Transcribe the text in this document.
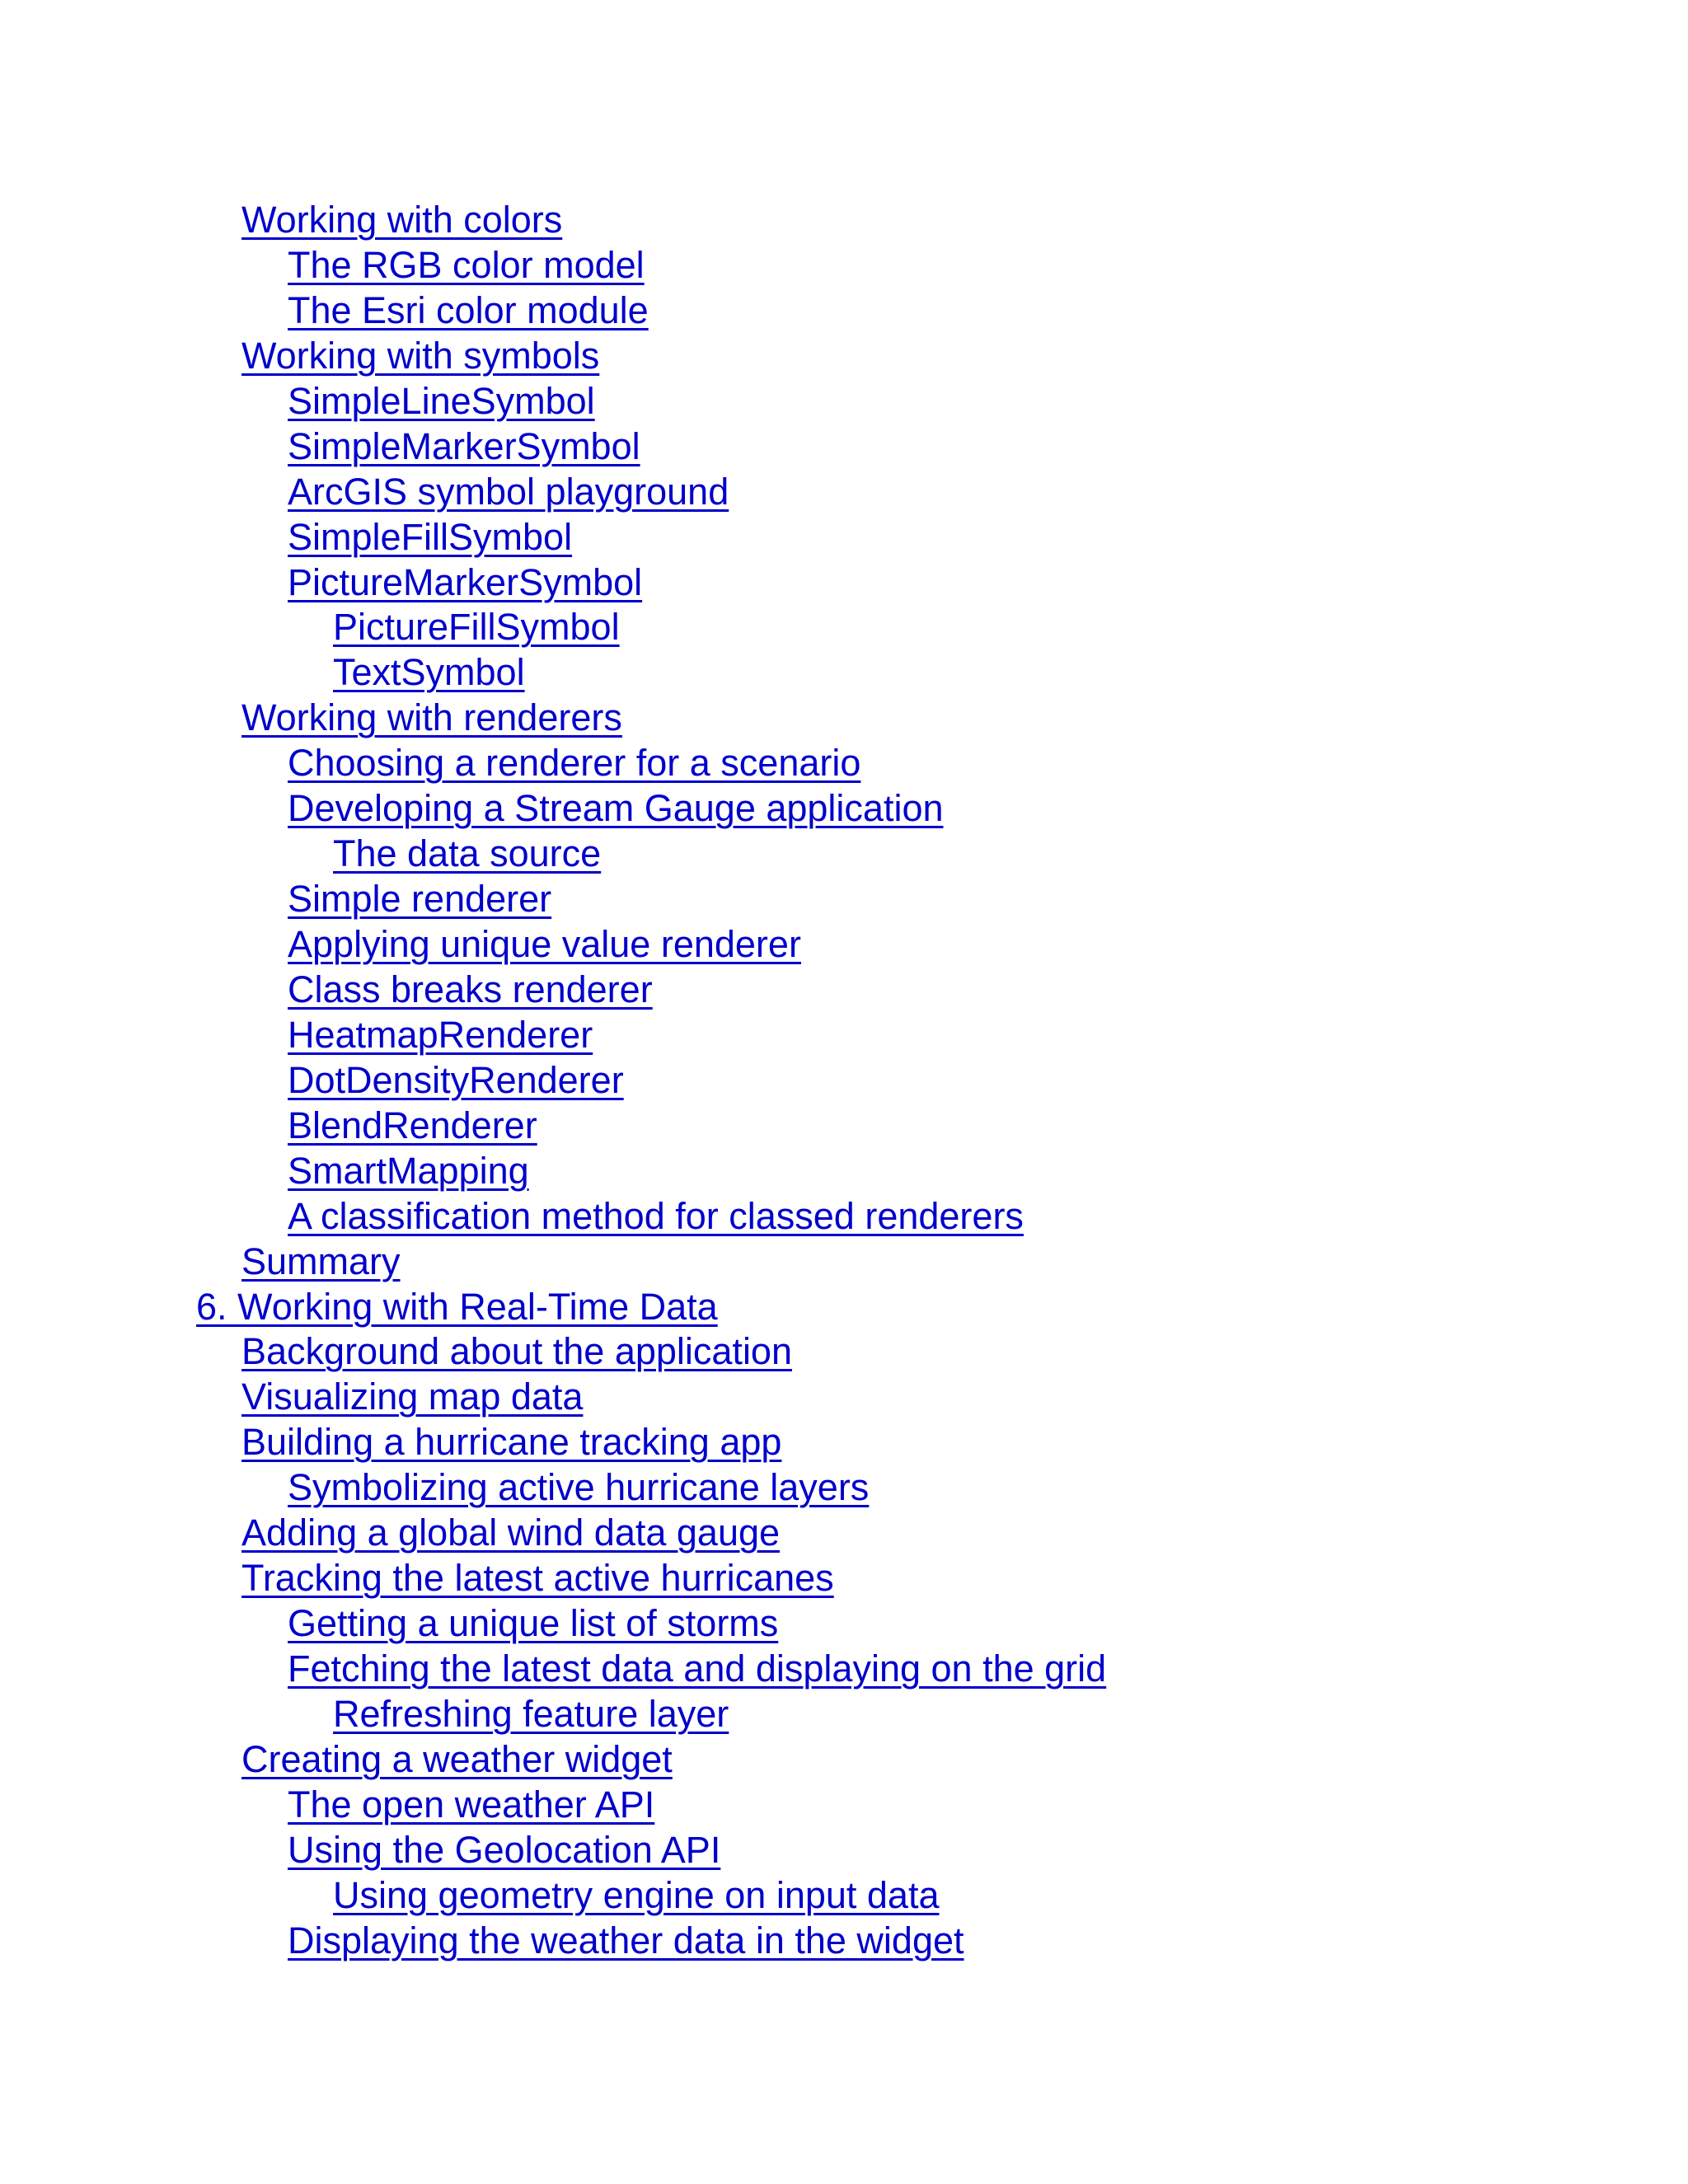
Working with colors
The RGB color model
The Esri color module
Working with symbols
SimpleLineSymbol
SimpleMarkerSymbol
ArcGIS symbol playground
SimpleFillSymbol
PictureMarkerSymbol
PictureFillSymbol
TextSymbol
Working with renderers
Choosing a renderer for a scenario
Developing a Stream Gauge application
The data source
Simple renderer
Applying unique value renderer
Class breaks renderer
HeatmapRenderer
DotDensityRenderer
BlendRenderer
SmartMapping
A classification method for classed renderers
Summary
6. Working with Real-Time Data
Background about the application
Visualizing map data
Building a hurricane tracking app
Symbolizing active hurricane layers
Adding a global wind data gauge
Tracking the latest active hurricanes
Getting a unique list of storms
Fetching the latest data and displaying on the grid
Refreshing feature layer
Creating a weather widget
The open weather API
Using the Geolocation API
Using geometry engine on input data
Displaying the weather data in the widget
